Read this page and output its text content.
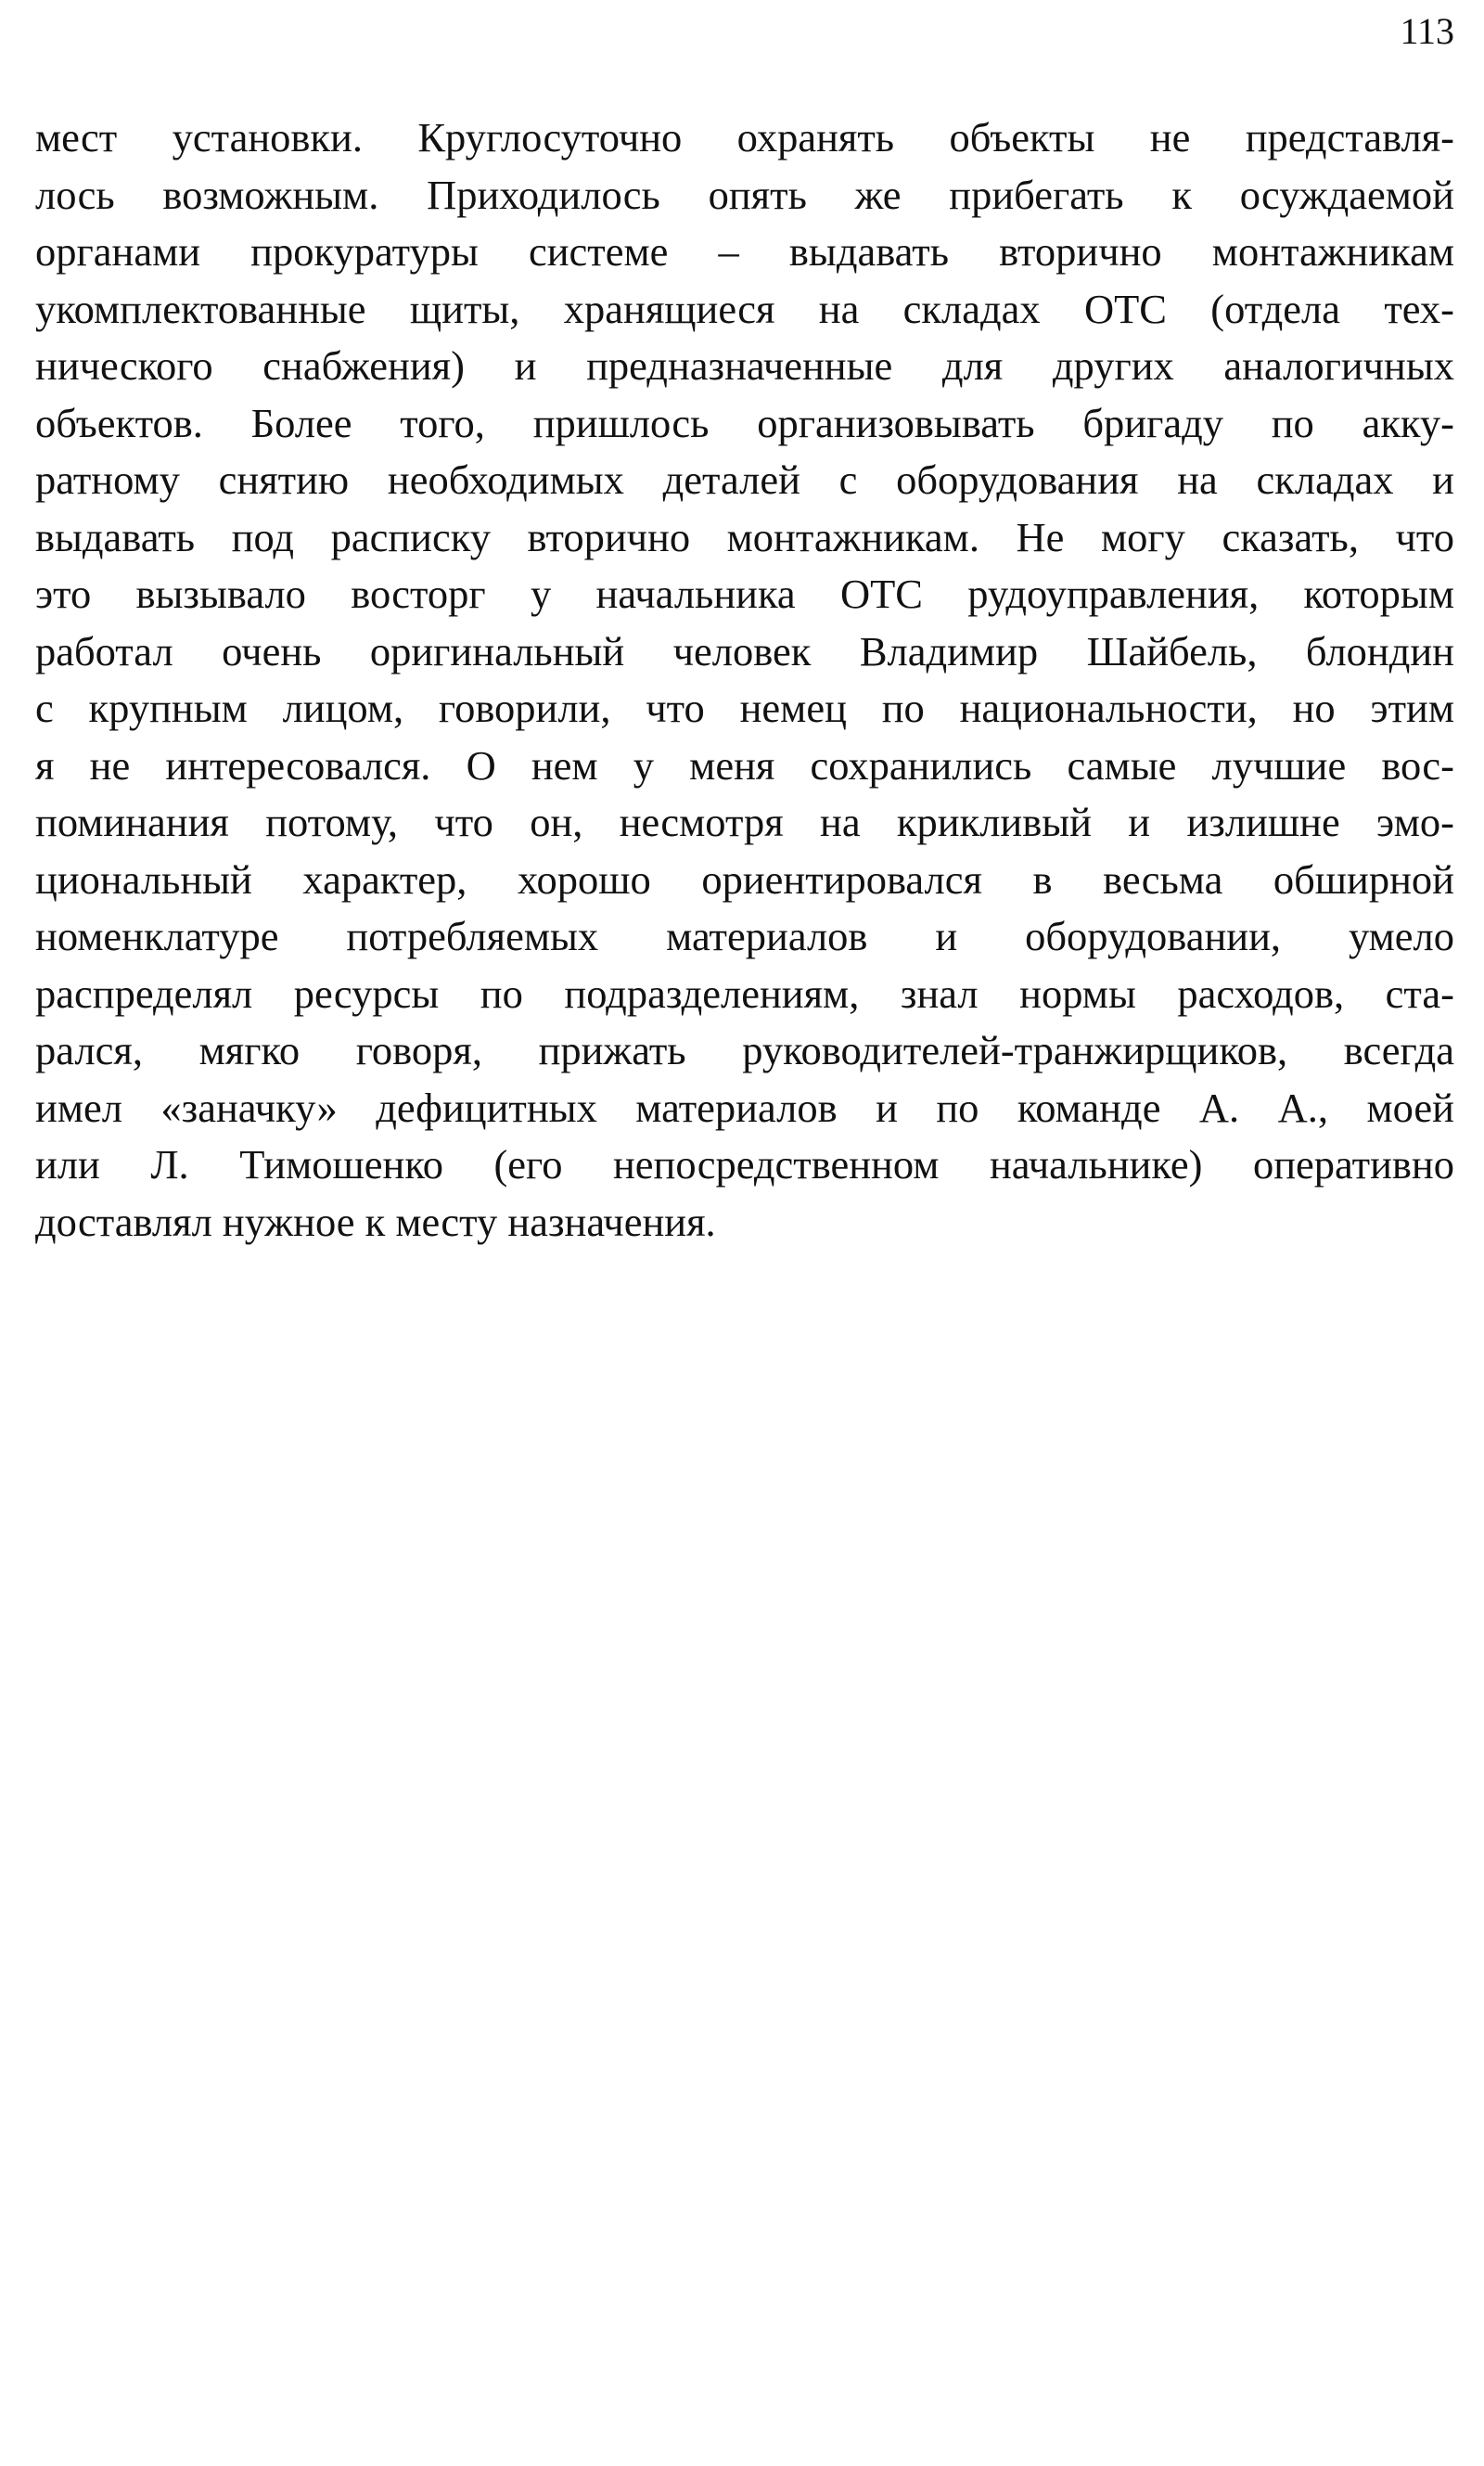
113
мест установки. Круглосуточно охранять объекты не представля-
лось возможным. Приходилось опять же прибегать к осуждаемой
органами прокуратуры системе – выдавать вторично монтажникам
укомплектованные щиты, хранящиеся на складах ОТС (отдела тех-
нического снабжения) и предназначенные для других аналогичных
объектов. Более того, пришлось организовывать бригаду по акку-
ратному снятию необходимых деталей с оборудования на складах и
выдавать под расписку вторично монтажникам. Не могу сказать, что
это вызывало восторг у начальника ОТС рудоуправления, которым
работал очень оригинальный человек Владимир Шайбель, блондин
с крупным лицом, говорили, что немец по национальности, но этим
я не интересовался. О нем у меня сохранились самые лучшие вос-
поминания потому, что он, несмотря на крикливый и излишне эмо-
циональный характер, хорошо ориентировался в весьма обширной
номенклатуре потребляемых материалов и оборудовании, умело
распределял ресурсы по подразделениям, знал нормы расходов, ста-
рался, мягко говоря, прижать руководителей-транжирщиков, всегда
имел «заначку» дефицитных материалов и по команде А. А., моей
или Л. Тимошенко (его непосредственном начальнике) оперативно
доставлял нужное к месту назначения.
